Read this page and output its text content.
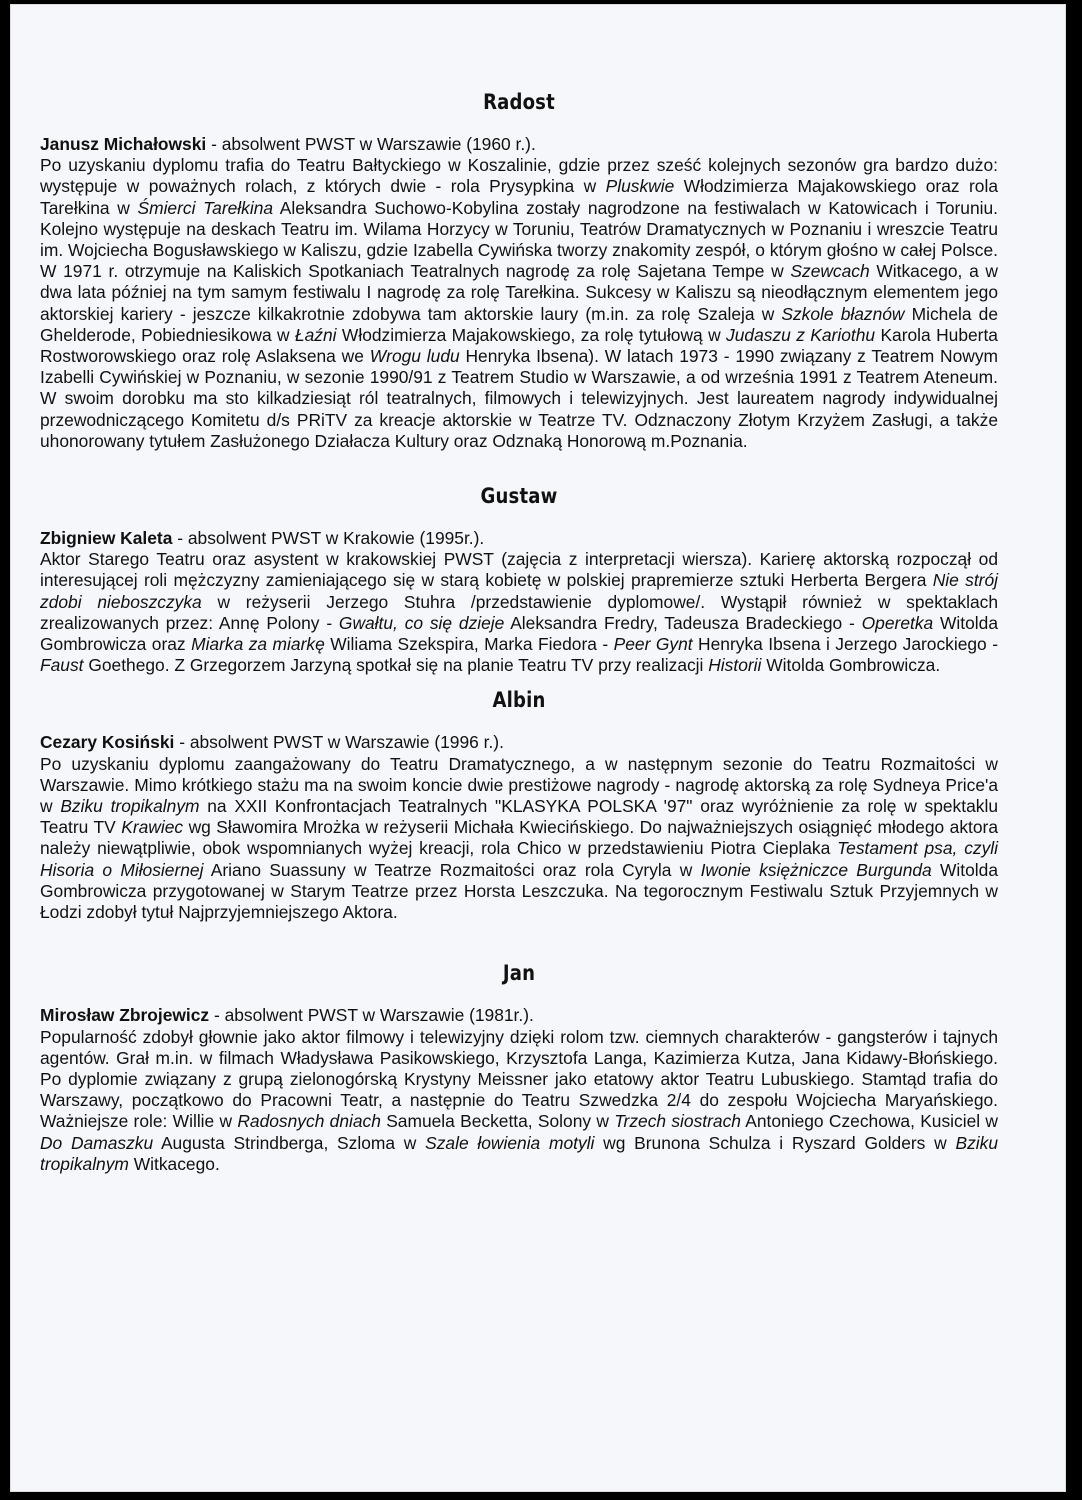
Radost

Janusz Michałowski - absolwent PWST w Warszawie (1960 r.).

Po uzyskaniu dyplomu trafia do Teatru Bałtyckiego w Koszalinie, gdzie przez sześć kolejnych sezonów gra bardzo dużo: występuje w poważnych rolach, z których dwie - rola Prysypkina w Pluskwie Włodzimierza Majakowskiego oraz rola Tarełkina w Śmierci Tarełkina Aleksandra Suchowo-Kobylina zostały nagrodzone na festiwalach w Katowicach i Toruniu. Kolejno występuje na deskach Teatru im. Wilama Horzycy w Toruniu, Teatrów Dramatycznych w Poznaniu i wreszcie Teatru im. Wojciecha Bogusławskiego w Kaliszu, gdzie Izabella Cywińska tworzy znakomity zespół, o którym głośno w całej Polsce. W 1971 r. otrzymuje na Kaliskich Spotkaniach Teatralnych nagrodę za rolę Sajetana Tempe w Szewcach Witkacego, a w dwa lata później na tym samym festiwalu I nagrodę za rolę Tarełkina. Sukcesy w Kaliszu są nieodłącznym elementem jego aktorskiej kariery - jeszcze kilkakrotnie zdobywa tam aktorskie laury (m.in. za rolę Szaleja w Szkole błaznów Michela de Ghelderode, Pobiedniesikowa w Łaźni Włodzimierza Majakowskiego, za rolę tytułową w Judaszu z Kariothu Karola Huberta Rostworowskiego oraz rolę Aslaksena we Wrogu ludu Henryka Ibsena). W latach 1973 - 1990 związany z Teatrem Nowym Izabelli Cywińskiej w Poznaniu, w sezonie 1990/91 z Teatrem Studio w Warszawie, a od września 1991 z Teatrem Ateneum. W swoim dorobku ma sto kilkadziesiąt ról teatralnych, filmowych i telewizyjnych. Jest laureatem nagrody indywidualnej przewodniczącego Komitetu d/s PRiTV za kreacje aktorskie w Teatrze TV. Odznaczony Złotym Krzyżem Zasługi, a także uhonorowany tytułem Zasłużonego Działacza Kultury oraz Odznaką Honorową m.Poznania.

Gustaw

Zbigniew Kaleta - absolwent PWST w Krakowie (1995r.).

Aktor Starego Teatru oraz asystent w krakowskiej PWST (zajęcia z interpretacji wiersza). Karierę aktorską rozpoczął od interesującej roli mężczyzny zamieniającego się w starą kobietę w polskiej prapremierze sztuki Herberta Bergera Nie strój zdobi nieboszczyka w reżyserii Jerzego Stuhra /przedstawienie dyplomowe/. Wystąpił również w spektaklach zrealizowanych przez: Annę Polony - Gwałtu, co się dzieje Aleksandra Fredry, Tadeusza Bradeckiego - Operetka Witolda Gombrowicza oraz Miarka za miarkę Wiliama Szekspira, Marka Fiedora - Peer Gynt Henryka Ibsena i Jerzego Jarockiego - Faust Goethego. Z Grzegorzem Jarzyną spotkał się na planie Teatru TV przy realizacji Historii Witolda Gombrowicza.

Albin

Cezary Kosiński - absolwent PWST w Warszawie (1996 r.).

Po uzyskaniu dyplomu zaangażowany do Teatru Dramatycznego, a w następnym sezonie do Teatru Rozmaitości w Warszawie. Mimo krótkiego stażu ma na swoim koncie dwie prestiżowe nagrody - nagrodę aktorską za rolę Sydneya Price'a w Bziku tropikalnym na XXII Konfrontacjach Teatralnych "KLASYKA POLSKA '97" oraz wyróżnienie za rolę w spektaklu Teatru TV Krawiec wg Sławomira Mrożka w reżyserii Michała Kwiecińskiego. Do najważniejszych osiągnięć młodego aktora należy niewątpliwie, obok wspomnianych wyżej kreacji, rola Chico w przedstawieniu Piotra Cieplaka Testament psa, czyli Hisoria o Miłosiernej Ariano Suassuny w Teatrze Rozmaitości oraz rola Cyryla w Iwonie księżniczce Burgunda Witolda Gombrowicza przygotowanej w Starym Teatrze przez Horsta Leszczuka. Na tegorocznym Festiwalu Sztuk Przyjemnych w Łodzi zdobył tytuł Najprzyjemniejszego Aktora.

Jan

Mirosław Zbrojewicz - absolwent PWST w Warszawie (1981r.).

Popularność zdobył głownie jako aktor filmowy i telewizyjny dzięki rolom tzw. ciemnych charakterów - gangsterów i tajnych agentów. Grał m.in. w filmach Władysława Pasikowskiego, Krzysztofa Langa, Kazimierza Kutza, Jana Kidawy-Błońskiego. Po dyplomie związany z grupą zielonogórską Krystyny Meissner jako etatowy aktor Teatru Lubuskiego. Stamtąd trafia do Warszawy, początkowo do Pracowni Teatr, a następnie do Teatru Szwedzka 2/4 do zespołu Wojciecha Maryańskiego. Ważniejsze role: Willie w Radosnych dniach Samuela Becketta, Solony w Trzech siostrach Antoniego Czechowa, Kusiciel w Do Damaszku Augusta Strindberga, Szloma w Szale łowienia motyli wg Brunona Schulza i Ryszard Golders w Bziku tropikalnym Witkacego.
